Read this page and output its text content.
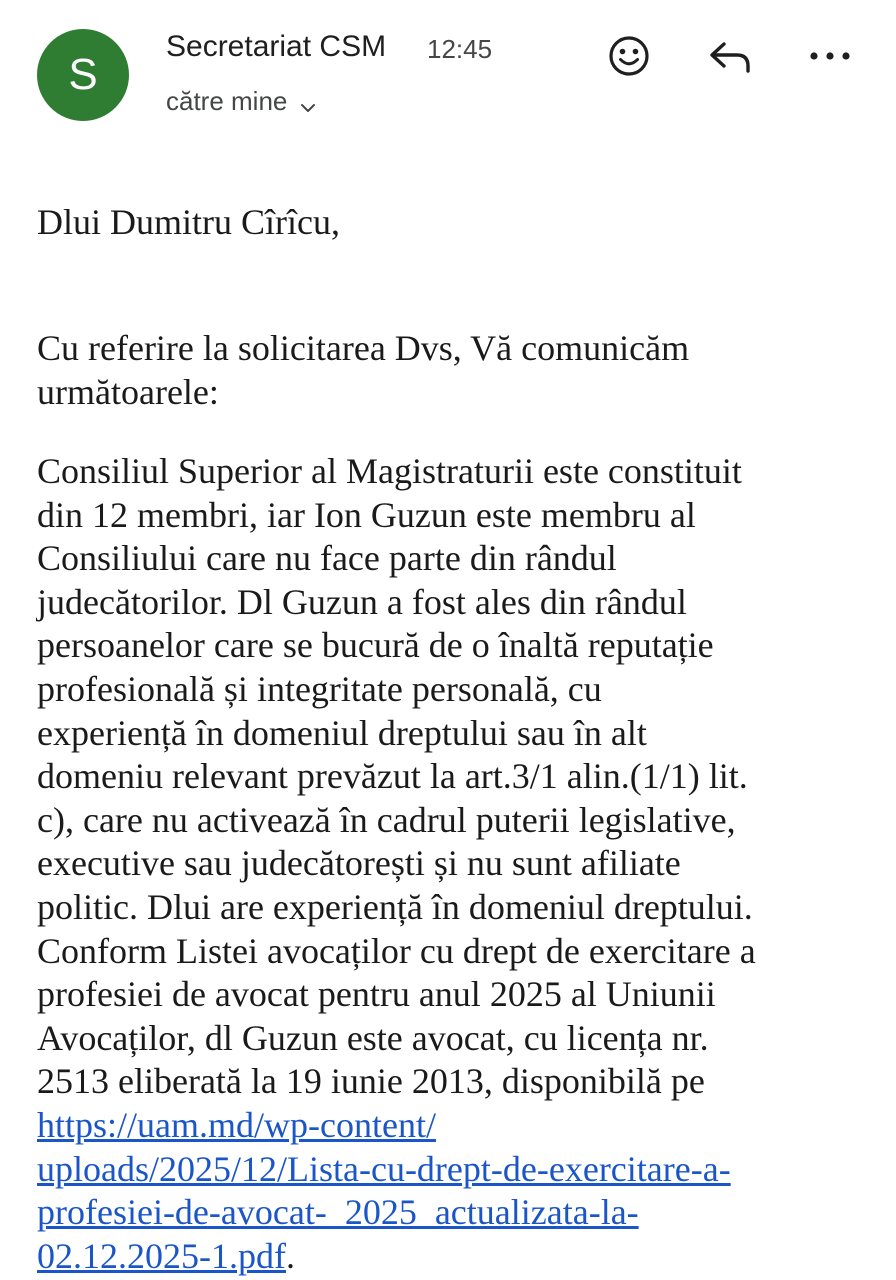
S
Secretariat CSM 12:45
către mine
Dlui Dumitru Cîrîcu,
Cu referire la solicitarea Dvs, Vă comunicăm
următoarele:
Consiliul Superior al Magistraturii este constituit
din 12 membri, iar Ion Guzun este membru al
Consiliului care nu face parte din rândul
judecătorilor. Dl Guzun a fost ales din rândul
persoanelor care se bucură de o înaltă reputație
profesională și integritate personală, cu
experiență în domeniul dreptului sau în alt
domeniu relevant prevăzut la art.3/1 alin.(1/1) lit.
c), care nu activează în cadrul puterii legislative,
executive sau judecătorești și nu sunt afiliate
politic. Dlui are experiență în domeniul dreptului.
Conform Listei avocaților cu drept de exercitare a
profesiei de avocat pentru anul 2025 al Uniunii
Avocaților, dl Guzun este avocat, cu licența nr.
2513 eliberată la 19 iunie 2013, disponibilă pe
https://uam.md/wp-content/
uploads/2025/12/Lista-cu-drept-de-exercitare-a-
profesiei-de-avocat-_2025_actualizata-la-
02.12.2025-1.pdf.
